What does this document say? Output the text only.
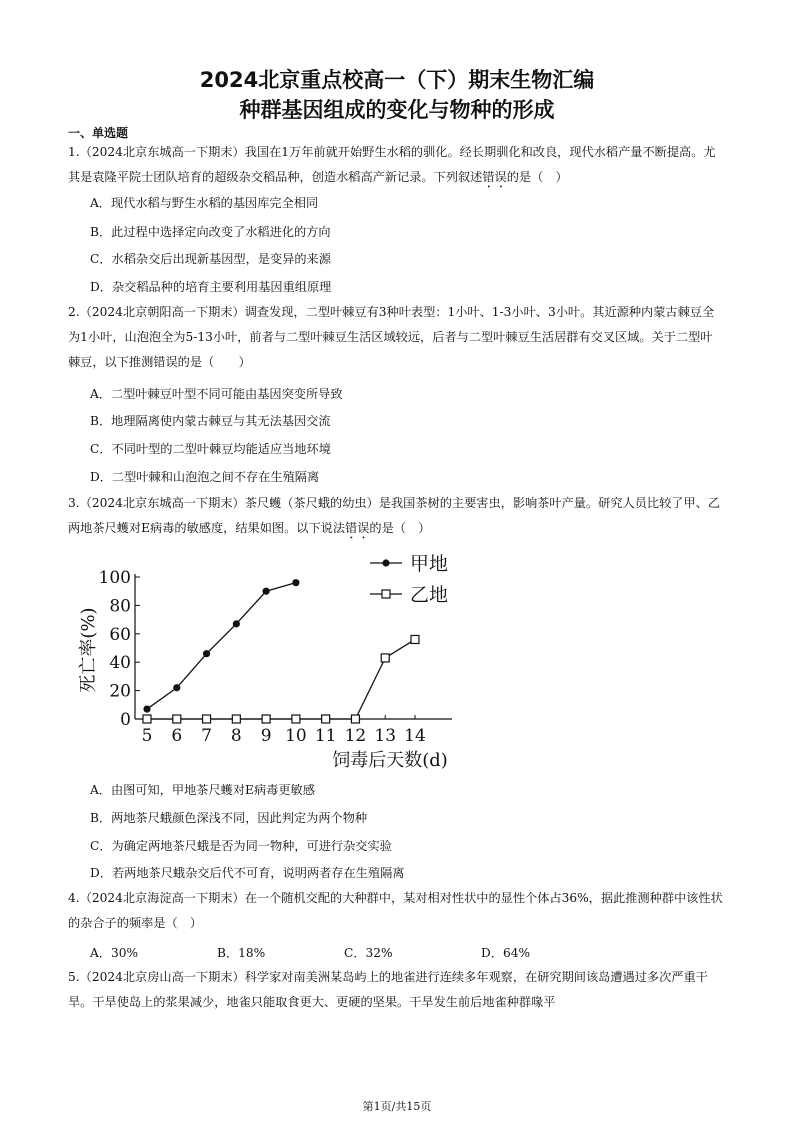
2024北京重点校高一（下）期末生物汇编
种群基因组成的变化与物种的形成
一、单选题
1.（2024北京东城高一下期末）我国在1万年前就开始野生水稻的驯化。经长期驯化和改良，现代水稻产量不断提高。尤其是袁隆平院士团队培育的超级杂交稻品种，创造水稻高产新记录。下列叙述错误的是（　）
A．现代水稻与野生水稻的基因库完全相同
B．此过程中选择定向改变了水稻进化的方向
C．水稻杂交后出现新基因型，是变异的来源
D．杂交稻品种的培育主要利用基因重组原理
2.（2024北京朝阳高一下期末）调查发现，二型叶棘豆有3种叶表型：1小叶、1-3小叶、3小叶。其近源种内蒙古棘豆全为1小叶，山泡泡全为5-13小叶，前者与二型叶棘豆生活区域较远，后者与二型叶棘豆生活居群有交叉区域。关于二型叶棘豆，以下推测错误的是（　　）
A．二型叶棘豆叶型不同可能由基因突变所导致
B．地理隔离使内蒙古棘豆与其无法基因交流
C．不同叶型的二型叶棘豆均能适应当地环境
D．二型叶棘和山泡泡之间不存在生殖隔离
3.（2024北京东城高一下期末）茶尺蠖（茶尺蛾的幼虫）是我国茶树的主要害虫，影响茶叶产量。研究人员比较了甲、乙两地茶尺蠖对E病毒的敏感度，结果如图。以下说法错误的是（　）
0
20
40
60
80
100
5 6 7 8 9 10 11 12 13 14
饲毒后天数(d)
死亡率(%)
甲地
乙地
A．由图可知，甲地茶尺蠖对E病毒更敏感
B．两地茶尺蛾颜色深浅不同，因此判定为两个物种
C．为确定两地茶尺蛾是否为同一物种，可进行杂交实验
D．若两地茶尺蛾杂交后代不可育，说明两者存在生殖隔离
4.（2024北京海淀高一下期末）在一个随机交配的大种群中，某对相对性状中的显性个体占36%，据此推测种群中该性状的杂合子的频率是（　）
A．30%	B．18%	C．32%	D．64%
5.（2024北京房山高一下期末）科学家对南美洲某岛屿上的地雀进行连续多年观察，在研究期间该岛遭遇过多次严重干旱。干旱使岛上的浆果减少，地雀只能取食更大、更硬的坚果。干旱发生前后地雀种群喙平
第1页/共15页
